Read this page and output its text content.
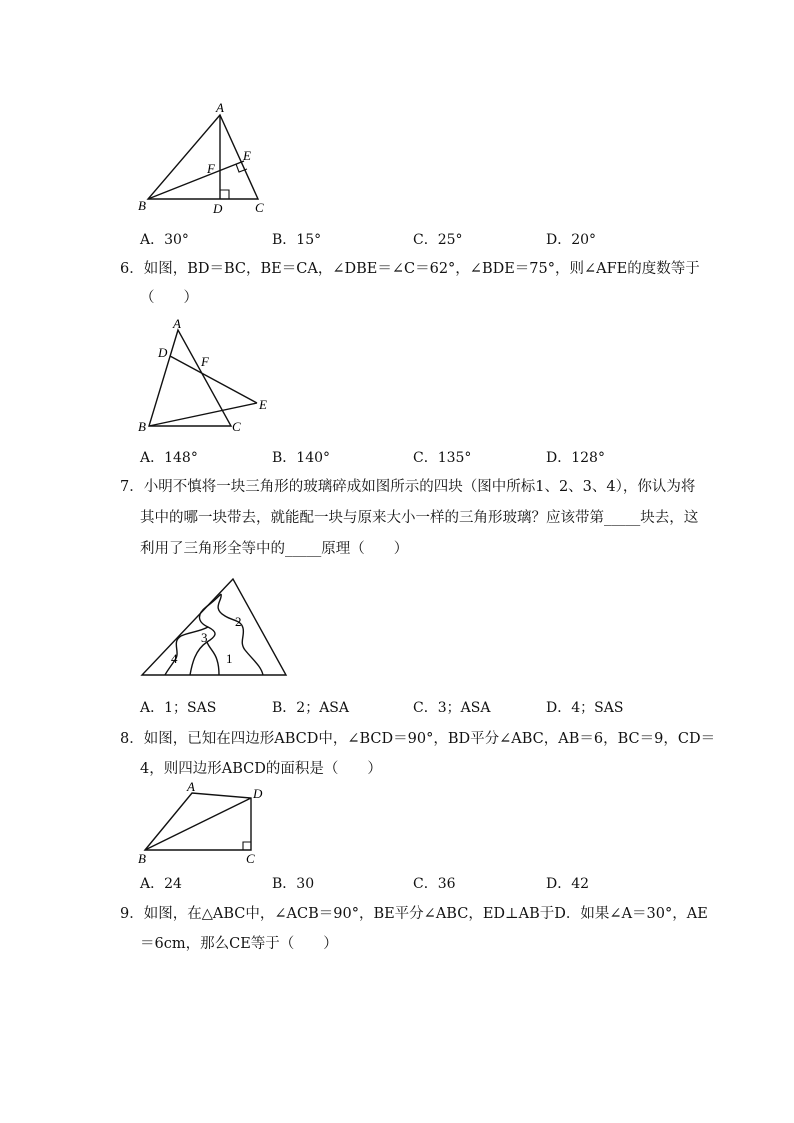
A
B	C
D
E
F
A．30°	B．15°	C．25°	D．20°
6．如图，BD＝BC，BE＝CA，∠DBE＝∠C＝62°，∠BDE＝75°，则∠AFE的度数等于
（　　）
A
D
F
E
B	C
A．148°	B．140°	C．135°	D．128°
7．小明不慎将一块三角形的玻璃碎成如图所示的四块（图中所标1、2、3、4），你认为将
其中的哪一块带去，就能配一块与原来大小一样的三角形玻璃？应该带第_____块去，这
利用了三角形全等中的_____原理（　　）
2
3
4	1
A．1；SAS	B．2；ASA	C．3；ASA	D．4；SAS
8．如图，已知在四边形ABCD中，∠BCD＝90°，BD平分∠ABC，AB＝6，BC＝9，CD＝
4，则四边形ABCD的面积是（　　）
A	D
B	C
A．24	B．30	C．36	D．42
9．如图，在△ABC中，∠ACB＝90°，BE平分∠ABC，ED⊥AB于D．如果∠A＝30°，AE
＝6cm，那么CE等于（　　）
